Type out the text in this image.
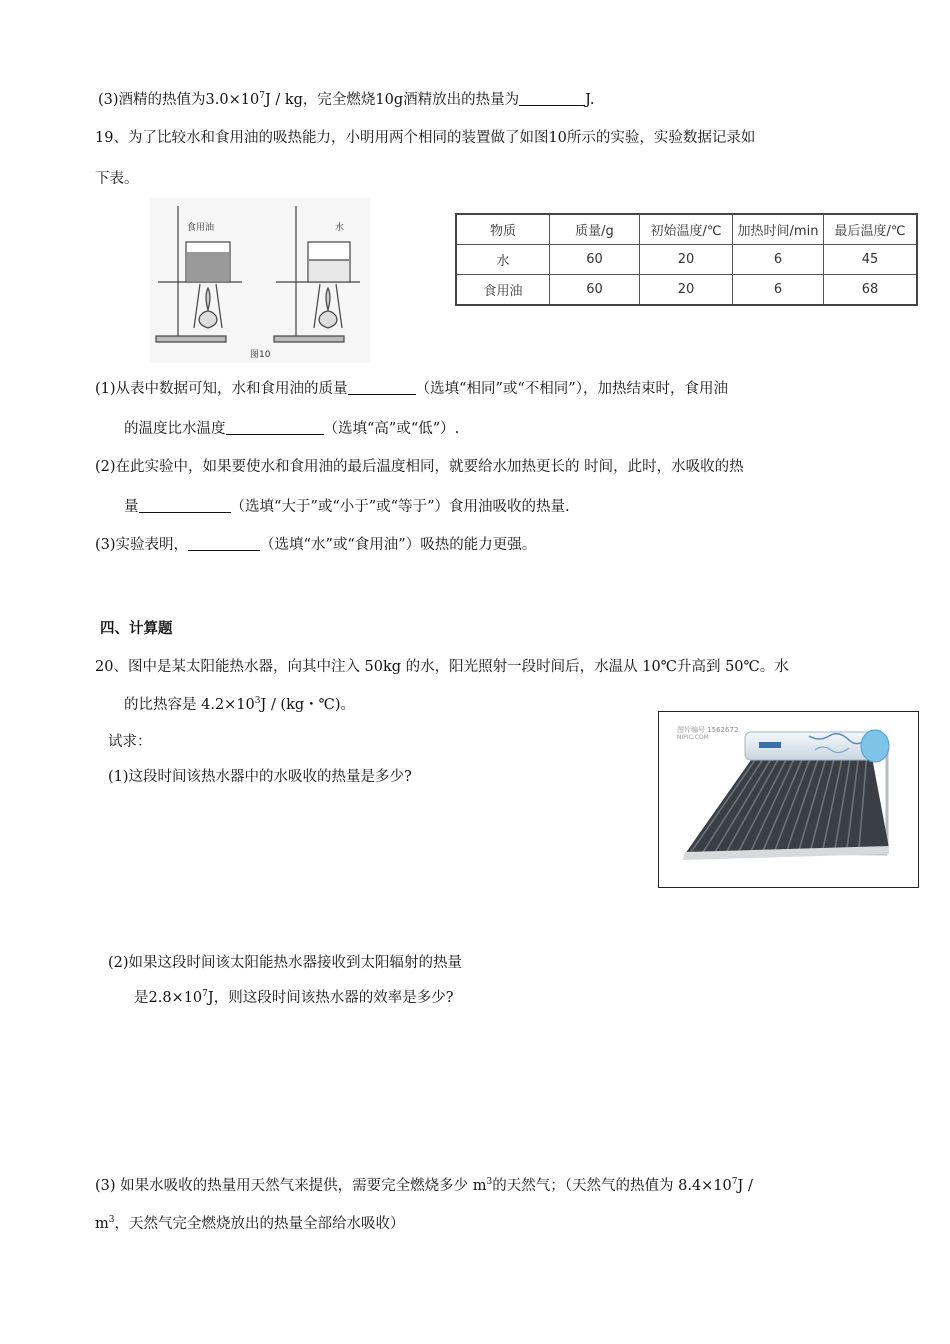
(3)酒精的热值为$3.0\times 10^7J$ / kg，完全燃烧10g酒精放出的热量为	J.
19、为了比较水和食用油的吸热能力，小明用两个相同的装置做了如图10所示的实验，实验数据记录如
下表。
食用油	水
图10
物质	质量/g	初始温度/℃	加热时间/min	最后温度/℃
水	60	20	6	45
食用油	60	20	6	68
(1)从表中数据可知，水和食用油的质量	（选填“相同”或“不相同”），加热结束时，食用油
的温度比水温度	（选填“高”或“低”）.
(2)在此实验中，如果要使水和食用油的最后温度相同，就要给水加热更长的 时间，此时，水吸收的热
量	（选填“大于”或“小于”或“等于”）食用油吸收的热量.
(3)实验表明，	（选填“水”或“食用油”）吸热的能力更强。
四、计算题
20、图中是某太阳能热水器，向其中注入 50kg 的水，阳光照射一段时间后，水温从 10℃升高到 50℃。水
的比热容是 $4.2\times 10^3J / (kg$・℃)。
试求：
(1)这段时间该热水器中的水吸收的热量是多少?
图片编号 1562672
NIPIC.COM
(2)如果这段时间该太阳能热水器接收到太阳辐射的热量
是$2.8\times 10^7J$，则这段时间该热水器的效率是多少?
(3) 如果水吸收的热量用天然气来提供，需要完全燃烧多少 $m^3$的天然气；（天然气的热值为 $8.4\times 10^7J$ /
$m^3$，天然气完全燃烧放出的热量全部给水吸收）
